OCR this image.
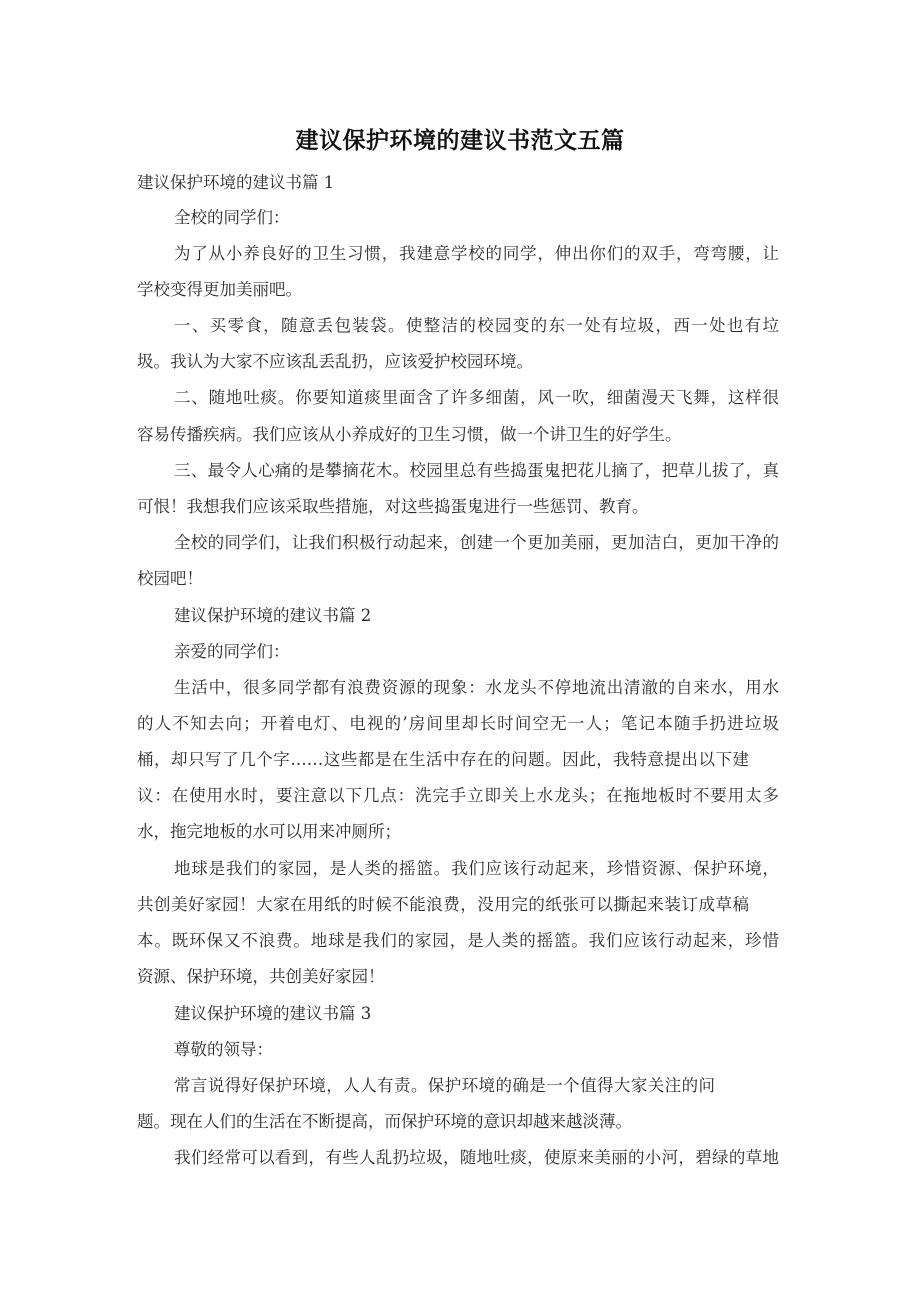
建议保护环境的建议书范文五篇
建议保护环境的建议书篇 1
全校的同学们：
为了从小养良好的卫生习惯，我建意学校的同学，伸出你们的双手，弯弯腰，让
学校变得更加美丽吧。
一、买零食，随意丢包装袋。使整洁的校园变的东一处有垃圾，西一处也有垃
圾。我认为大家不应该乱丢乱扔，应该爱护校园环境。
二、随地吐痰。你要知道痰里面含了许多细菌，风一吹，细菌漫天飞舞，这样很
容易传播疾病。我们应该从小养成好的卫生习惯，做一个讲卫生的好学生。
三、最令人心痛的是攀摘花木。校园里总有些捣蛋鬼把花儿摘了，把草儿拔了，真
可恨！我想我们应该采取些措施，对这些捣蛋鬼进行一些惩罚、教育。
全校的同学们，让我们积极行动起来，创建一个更加美丽，更加洁白，更加干净的
校园吧！
建议保护环境的建议书篇 2
亲爱的同学们：
生活中，很多同学都有浪费资源的现象：水龙头不停地流出清澈的自来水，用水
的人不知去向；开着电灯、电视的’房间里却长时间空无一人；笔记本随手扔进垃圾
桶，却只写了几个字……这些都是在生活中存在的问题。因此，我特意提出以下建
议：在使用水时，要注意以下几点：洗完手立即关上水龙头；在拖地板时不要用太多
水，拖完地板的水可以用来冲厕所；
地球是我们的家园，是人类的摇篮。我们应该行动起来，珍惜资源、保护环境，
共创美好家园！大家在用纸的时候不能浪费，没用完的纸张可以撕起来装订成草稿
本。既环保又不浪费。地球是我们的家园，是人类的摇篮。我们应该行动起来，珍惜
资源、保护环境，共创美好家园！
建议保护环境的建议书篇 3
尊敬的领导：
常言说得好保护环境，人人有责。保护环境的确是一个值得大家关注的问
题。现在人们的生活在不断提高，而保护环境的意识却越来越淡薄。
我们经常可以看到，有些人乱扔垃圾，随地吐痰，使原来美丽的小河，碧绿的草地
